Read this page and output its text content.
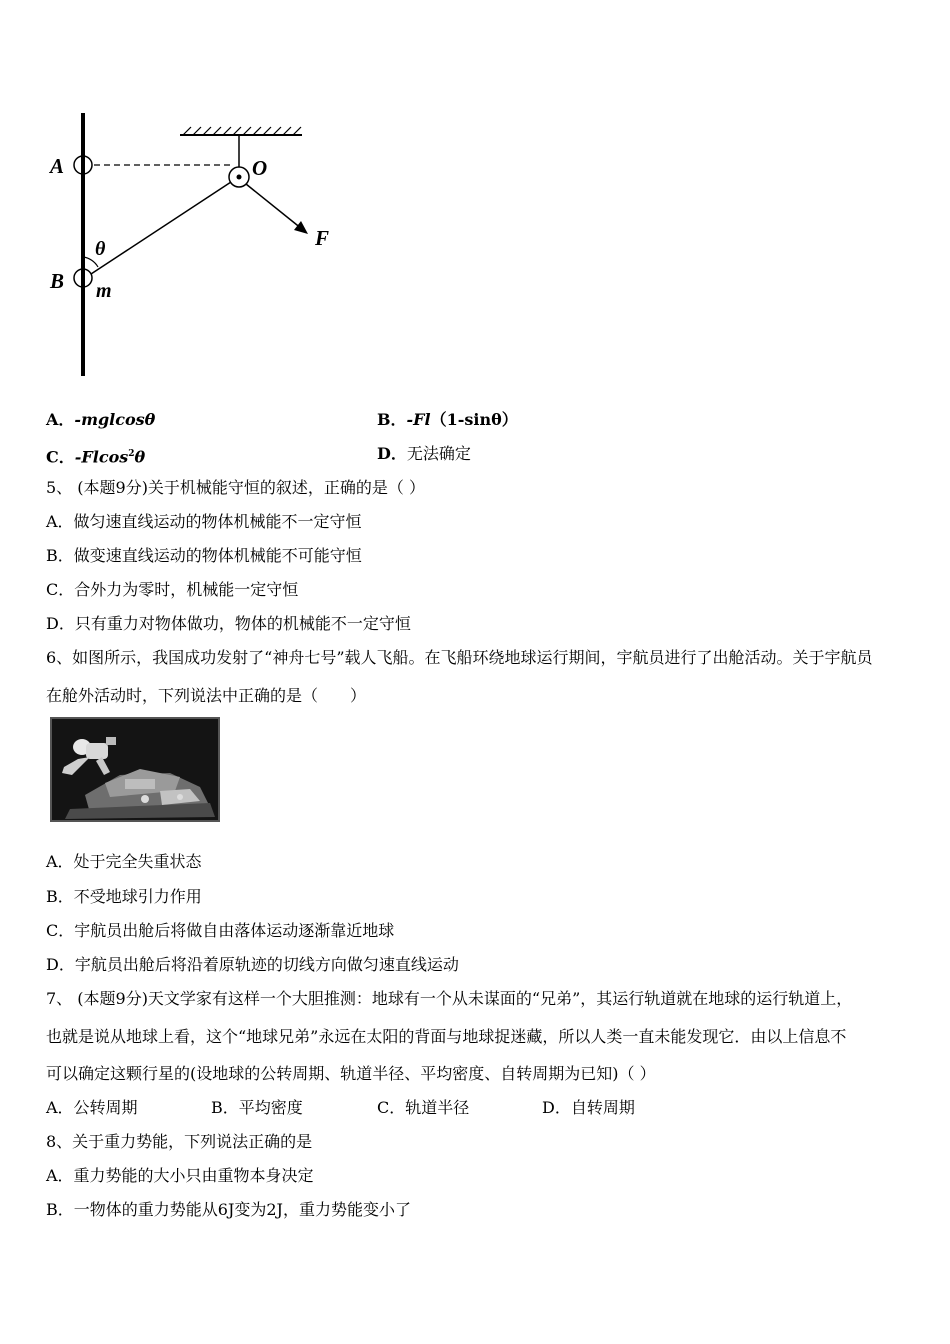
A	O
F
θ
B m
A．-mglcosθ	B．-Fl（1-sinθ）
C．-Flcos$^2$θ	D．无法确定
5、 (本题9分)关于机械能守恒的叙述，正确的是（ ）
A．做匀速直线运动的物体机械能不一定守恒
B．做变速直线运动的物体机械能不可能守恒
C．合外力为零时，机械能一定守恒
D．只有重力对物体做功，物体的机械能不一定守恒
6、如图所示，我国成功发射了“神舟七号”载人飞船。在飞船环绕地球运行期间，宇航员进行了出舱活动。关于宇航员
在舱外活动时，下列说法中正确的是（　　）
A．处于完全失重状态
B．不受地球引力作用
C．宇航员出舱后将做自由落体运动逐渐靠近地球
D．宇航员出舱后将沿着原轨迹的切线方向做匀速直线运动
7、 (本题9分)天文学家有这样一个大胆推测：地球有一个从未谋面的“兄弟”，其运行轨道就在地球的运行轨道上，
也就是说从地球上看，这个“地球兄弟”永远在太阳的背面与地球捉迷藏，所以人类一直未能发现它．由以上信息不
可以确定这颗行星的(设地球的公转周期、轨道半径、平均密度、自转周期为已知)（ ）
A．公转周期	B．平均密度	C．轨道半径	D．自转周期
8、关于重力势能，下列说法正确的是
A．重力势能的大小只由重物本身决定
B．一物体的重力势能从6J变为2J，重力势能变小了
